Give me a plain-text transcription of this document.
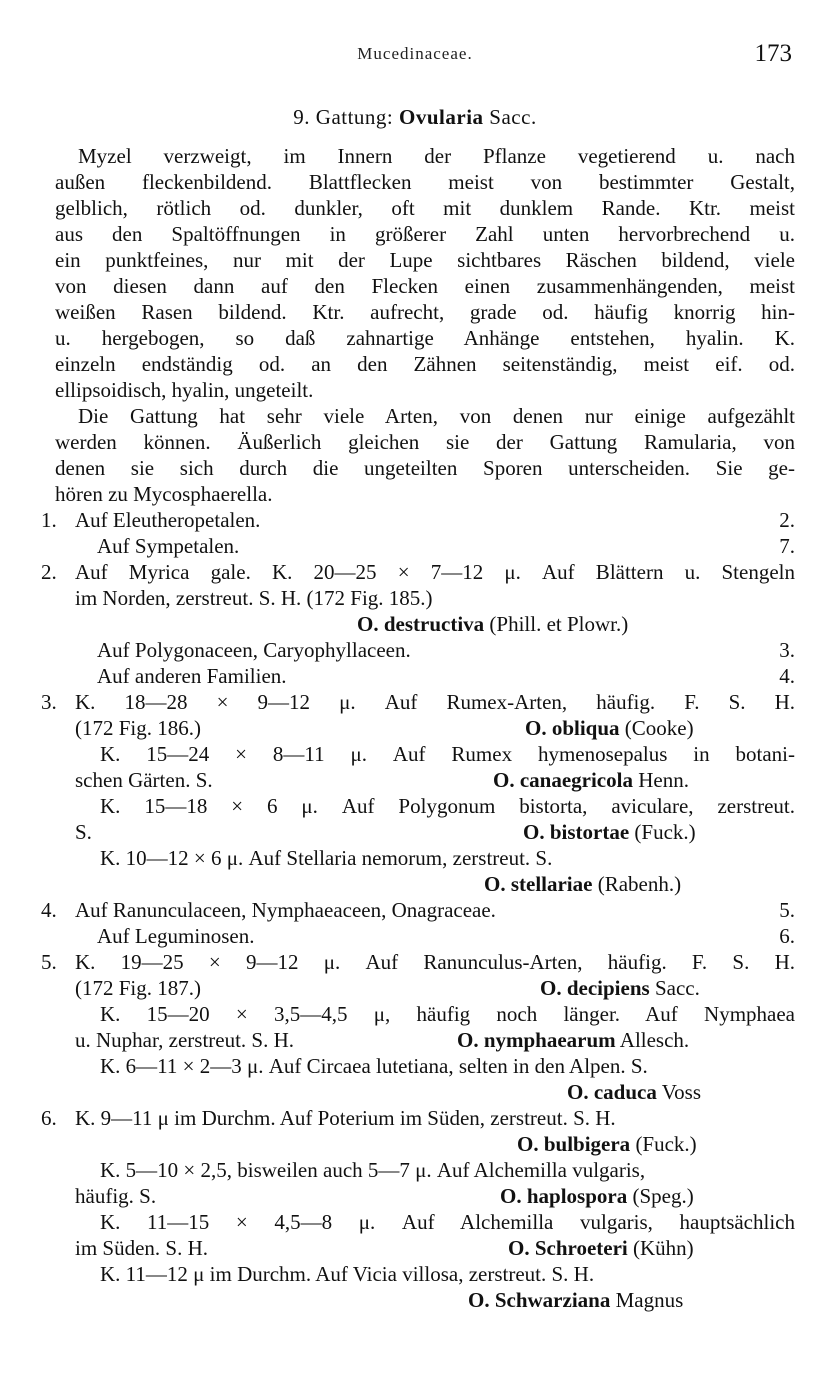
Mucedinaceae.	173
9. Gattung: Ovularia Sacc.
Myzel verzweigt, im Innern der Pflanze vegetierend u. nach
außen fleckenbildend. Blattflecken meist von bestimmter Gestalt,
gelblich, rötlich od. dunkler, oft mit dunklem Rande. Ktr. meist
aus den Spaltöffnungen in größerer Zahl unten hervorbrechend u.
ein punktfeines, nur mit der Lupe sichtbares Räschen bildend, viele
von diesen dann auf den Flecken einen zusammenhängenden, meist
weißen Rasen bildend. Ktr. aufrecht, grade od. häufig knorrig hin-
u. hergebogen, so daß zahnartige Anhänge entstehen, hyalin. K.
einzeln endständig od. an den Zähnen seitenständig, meist eif. od.
ellipsoidisch, hyalin, ungeteilt.
Die Gattung hat sehr viele Arten, von denen nur einige aufgezählt
werden können. Äußerlich gleichen sie der Gattung Ramularia, von
denen sie sich durch die ungeteilten Sporen unterscheiden. Sie ge-
hören zu Mycosphaerella.
1. Auf Eleutheropetalen.	2.
Auf Sympetalen.	7.
2. Auf Myrica gale. K. 20—25 × 7—12 μ. Auf Blättern u. Stengeln
im Norden, zerstreut. S. H. (172 Fig. 185.)
O. destructiva (Phill. et Plowr.)
Auf Polygonaceen, Caryophyllaceen.	3.
Auf anderen Familien.	4.
3. K. 18—28 × 9—12 μ. Auf Rumex-Arten, häufig. F. S. H.
(172 Fig. 186.)	O. obliqua (Cooke)
K. 15—24 × 8—11 μ. Auf Rumex hymenosepalus in botani-
schen Gärten. S.	O. canaegricola Henn.
K. 15—18 × 6 μ. Auf Polygonum bistorta, aviculare, zerstreut.
S.	O. bistortae (Fuck.)
K. 10—12 × 6 μ. Auf Stellaria nemorum, zerstreut. S.
O. stellariae (Rabenh.)
4. Auf Ranunculaceen, Nymphaeaceen, Onagraceae.	5.
Auf Leguminosen.	6.
5. K. 19—25 × 9—12 μ. Auf Ranunculus-Arten, häufig. F. S. H.
(172 Fig. 187.)	O. decipiens Sacc.
K. 15—20 × 3,5—4,5 μ, häufig noch länger. Auf Nymphaea
u. Nuphar, zerstreut. S. H.	O. nymphaearum Allesch.
K. 6—11 × 2—3 μ. Auf Circaea lutetiana, selten in den Alpen. S.
O. caduca Voss
6. K. 9—11 μ im Durchm. Auf Poterium im Süden, zerstreut. S. H.
O. bulbigera (Fuck.)
K. 5—10 × 2,5, bisweilen auch 5—7 μ. Auf Alchemilla vulgaris,
häufig. S.	O. haplospora (Speg.)
K. 11—15 × 4,5—8 μ. Auf Alchemilla vulgaris, hauptsächlich
im Süden. S. H.	O. Schroeteri (Kühn)
K. 11—12 μ im Durchm. Auf Vicia villosa, zerstreut. S. H.
O. Schwarziana Magnus
